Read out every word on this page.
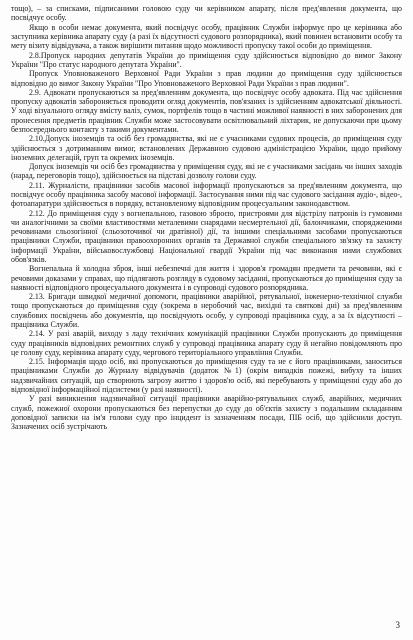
тощо), – за списками, підписаними головою суду чи керівником апарату, після пред'явлення документа, що посвідчує особу.

Якщо в особи немає документа, який посвідчує особу, працівник Служби інформує про це керівника або заступника керівника апарату суду (а разі їх відсутності судового розпорядника), який повинен встановити особу та мету візиту відвідувача, а також вирішити питання щодо можливості пропуску такої особи до приміщення.

2.8.Пропуск народних депутатів України до приміщення суду здійснюється відповідно до вимог Закону України "Про статус народного депутата України".

Пропуск Уповноваженого Верховної Ради України з прав людини до приміщення суду здійснюється відповідно до вимог Закону України "Про Уповноваженого Верховної Ради України з прав людини".

2.9. Адвокати пропускаються за пред'явленням документа, що посвідчує особу адвоката. Під час здійснення пропуску адвокатів забороняється проводити огляд документів, пов'язаних із здійсненням адвокатської діяльності. У ході візуального огляду вмісту валіз, сумок, портфелів тощо в частині можливої наявності в них заборонених для пронесення предметів працівник Служби може застосовувати освітлювальний ліхтарик, не допускаючи при цьому безпосереднього контакту з такими документами.

2.10.Допуск іноземців та осіб без громадянства, які не є учасниками судових процесів, до приміщення суду здійснюється з дотриманням вимог, встановлених Державною судовою адміністрацією України, щодо прийому іноземних делегацій, груп та окремих іноземців.

Допуск іноземців чи осіб без громадянства у приміщення суду, які не є учасниками засідань чи інших заходів (нарад, переговорів тощо), здійснюється на підставі дозволу голови суду.

2.11. Журналісти, працівники засобів масової інформації пропускаються за пред'явленням документа, що посвідчує особу працівника засобу масової інформації. Застосування ними під час судового засідання аудіо-, відео-, фотоапаратури здійснюється в порядку, встановленому відповідним процесуальним законодавством.

2.12. До приміщення суду з вогнепальною, газовою зброєю, пристроями для відстрілу патронів із гумовими чи аналогічними за своїми властивостями металевими снарядами несмертельної дії, балончиками, спорядженими речовинами сльозогінної (сльозоточивої чи дратівної) дії, та іншими спеціальними засобами пропускаються працівники Служби, працівники правоохоронних органів та Державної служби спеціального зв'язку та захисту інформації України, військовослужбовці Національної гвардії України під час виконання ними службових обов'язків.

Вогнепальна й холодна зброя, інші небезпечні для життя і здоров'я громадян предмети та речовини, які є речовими доказами у справах, що підлягають розгляду в судовому засіданні, пропускаються до приміщення суду за наявності відповідного процесуального документа і в супроводі судового розпорядника.

2.13. Бригади швидкої медичної допомоги, працівники аварійної, рятувальної, інженерно-технічної служби тощо пропускаються до приміщення суду (зокрема в неробочий час, вихідні та святкові дні) за пред'явленням службових посвідчень або документів, що посвідчують особу, у супроводі працівника суду, а за їх відсутності – працівника Служби.

2.14. У разі аварій, виходу з ладу технічних комунікацій працівники Служби пропускають до приміщення суду працівників відповідних ремонтних служб у супроводі працівника апарату суду й негайно повідомляють про це голову суду, керівника апарату суду, чергового територіального управління Служби.

2.15. Інформація щодо осіб, які пропускаються до приміщення суду та не є його працівниками, заноситься працівниками Служби до Журналу відвідувачів (додаток №1) (окрім випадків пожежі, вибуху та інших надзвичайних ситуацій, що створюють загрозу життю і здоров'ю осіб, які перебувають у приміщенні суду або до відповідної інформаційної підсистеми (у разі наявності).

У разі виникнення надзвичайної ситуації працівники аварійно-рятувальних служб, аварійних, медичних служб, пожежної охорони пропускаються без перепустки до суду до об'єктів захисту з подальшим складанням доповідної записки на ім'я голови суду про інцидент із зазначенням посади, ПІБ осіб, що здійснили доступ. Зазначених осіб зустрічають

3
